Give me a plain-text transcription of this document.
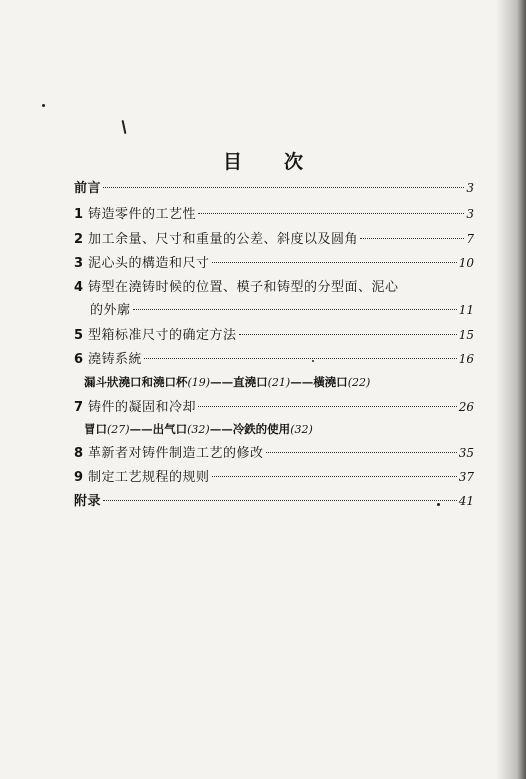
目 次
前言	3
1 铸造零件的工艺性	3
2 加工余量、尺寸和重量的公差、斜度以及圆角	7
3 泥心头的構造和尺寸	10
4 铸型在澆铸时候的位置、模子和铸型的分型面、泥心
的外廓	11
5 型箱标准尺寸的确定方法	15
6 澆铸系統	16
漏斗狀澆口和澆口杯(19)——直澆口(21)——橫澆口(22)
7 铸件的凝固和冷却	26
冒口(27)——出气口(32)——冷鉄的使用(32)
8 革新者对铸件制造工艺的修改	35
9 制定工艺规程的规则	37
附录	41
